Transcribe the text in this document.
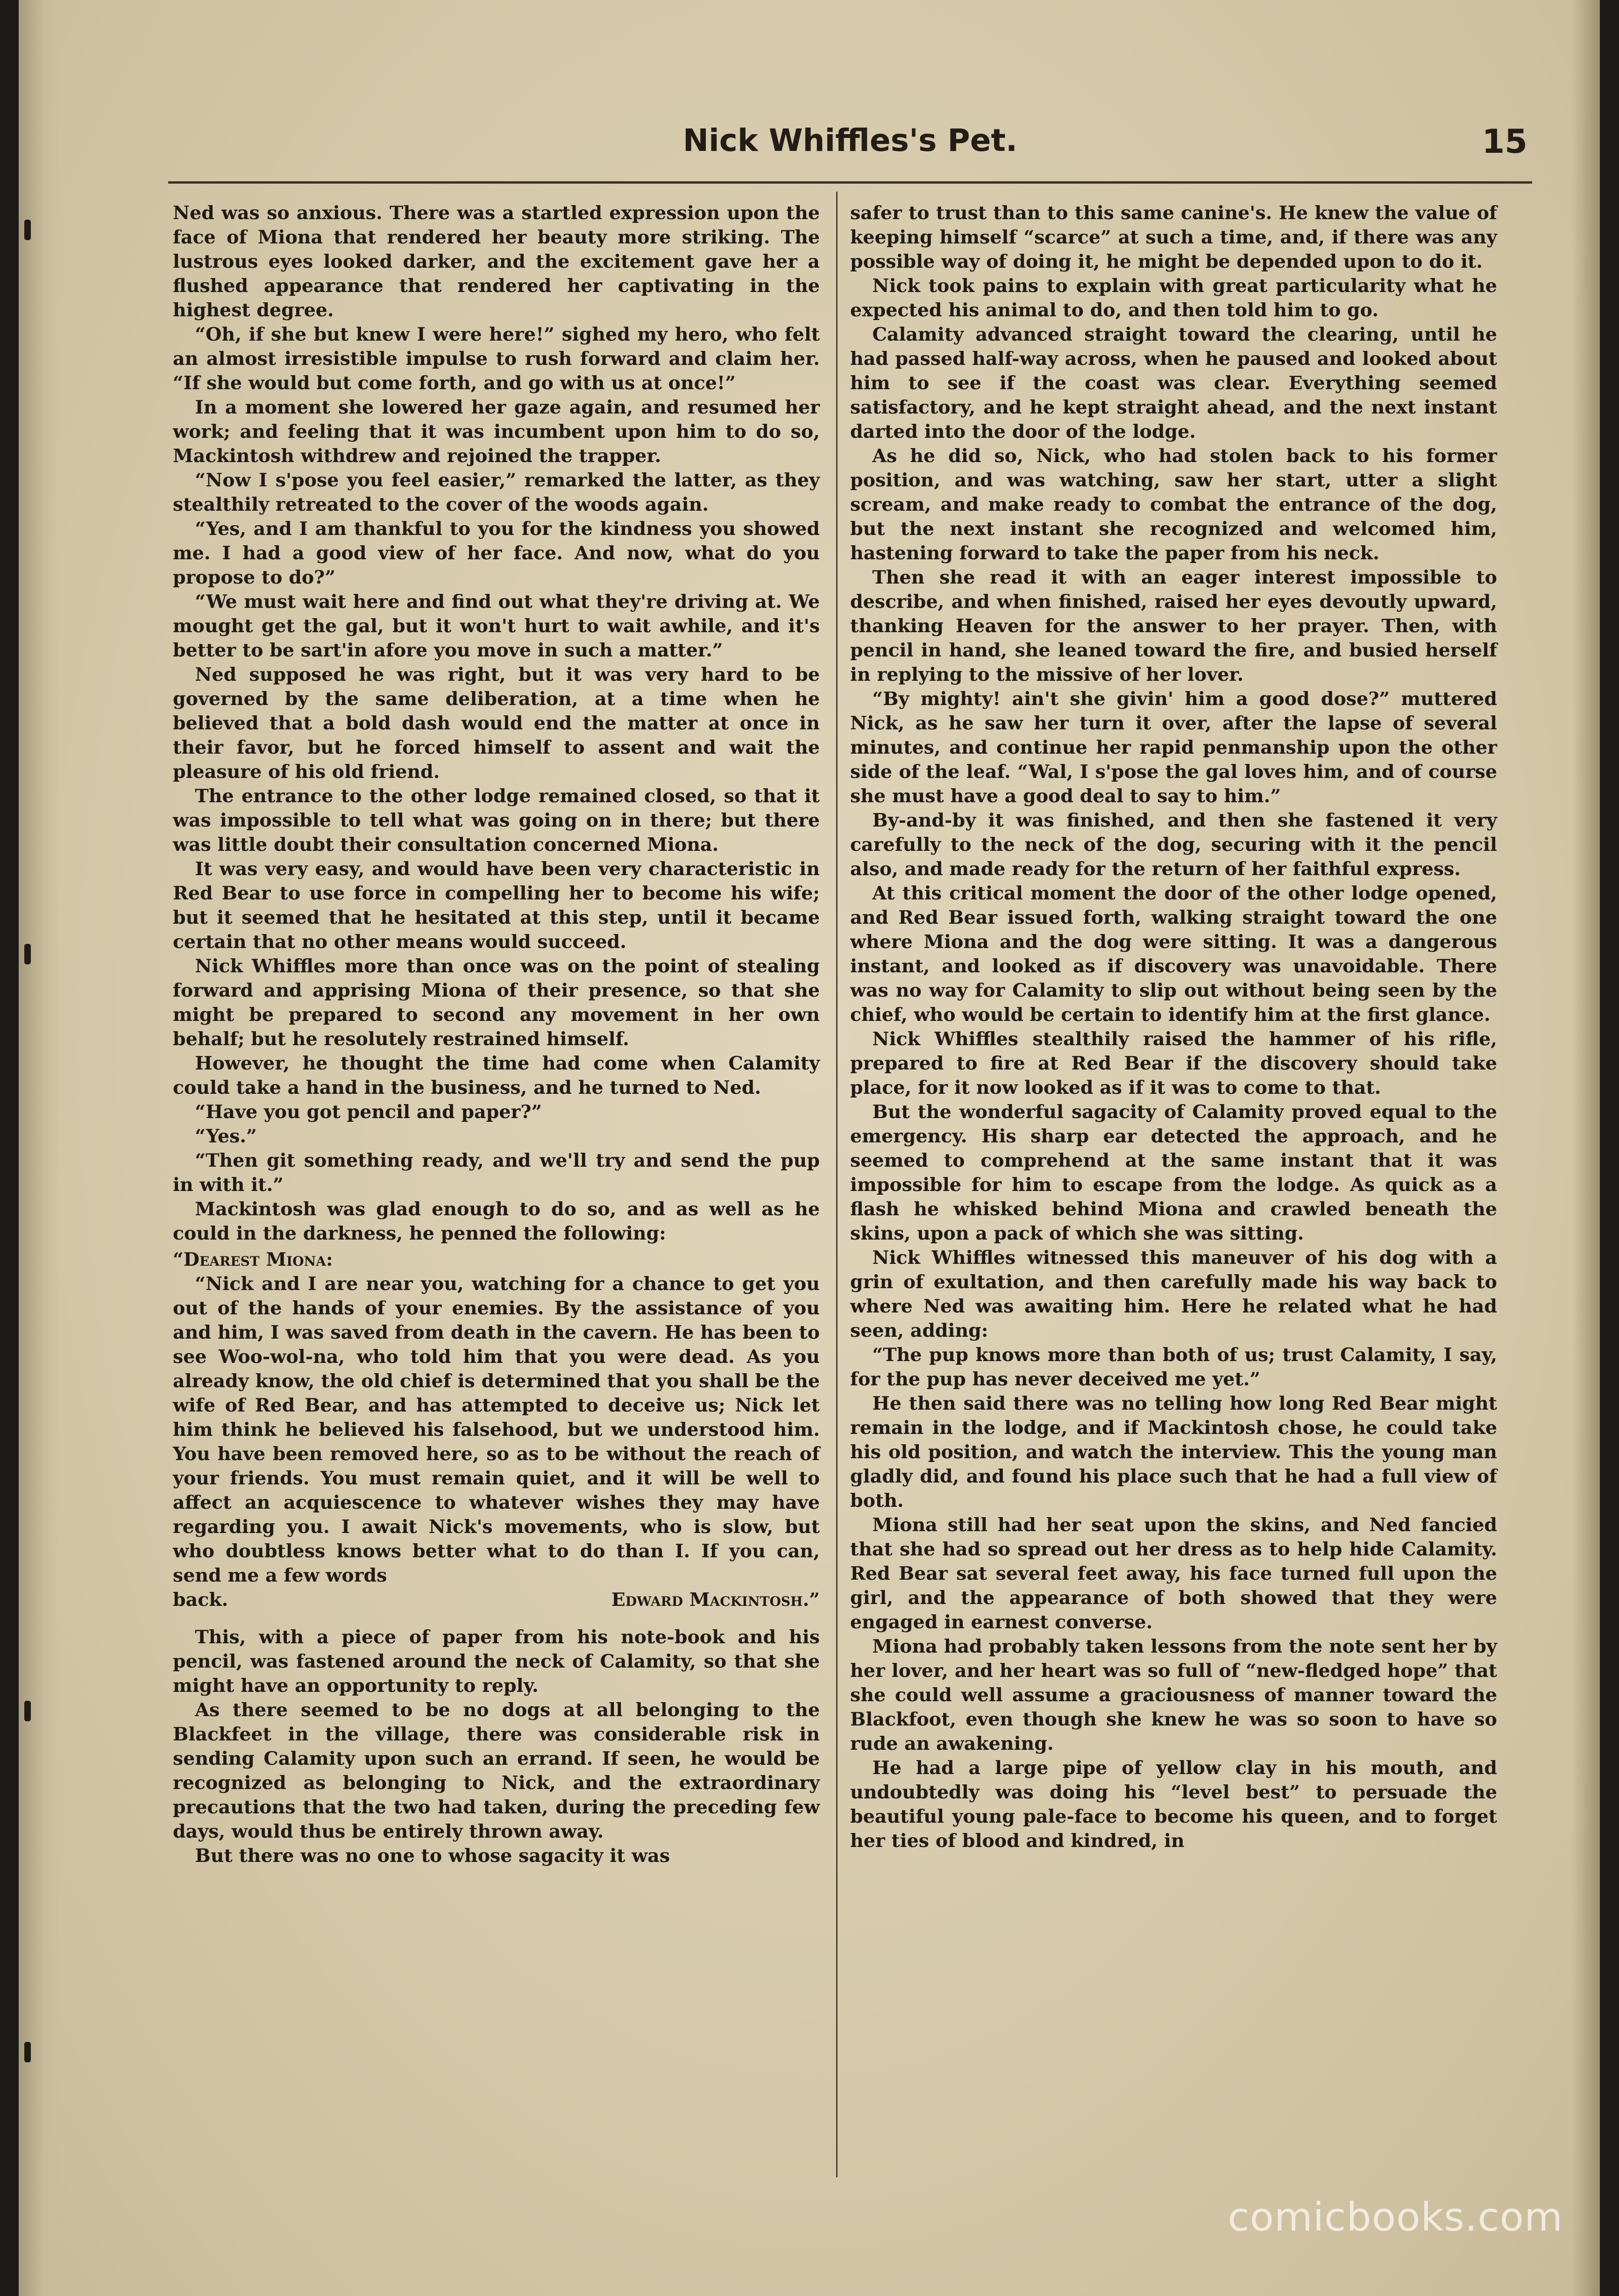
Nick Whiffles's Pet.	15

Ned was so anxious. There was a startled expression upon the face of Miona that rendered her beauty more striking. The lustrous eyes looked darker, and the excitement gave her a flushed appearance that rendered her captivating in the highest degree.

“Oh, if she but knew I were here!” sighed my hero, who felt an almost irresistible impulse to rush forward and claim her. “If she would but come forth, and go with us at once!”

In a moment she lowered her gaze again, and resumed her work; and feeling that it was incumbent upon him to do so, Mackintosh withdrew and rejoined the trapper.

“Now I s'pose you feel easier,” remarked the latter, as they stealthily retreated to the cover of the woods again.

“Yes, and I am thankful to you for the kindness you showed me. I had a good view of her face. And now, what do you propose to do?”

“We must wait here and find out what they're driving at. We mought get the gal, but it won't hurt to wait awhile, and it's better to be sart'in afore you move in such a matter.”

Ned supposed he was right, but it was very hard to be governed by the same deliberation, at a time when he believed that a bold dash would end the matter at once in their favor, but he forced himself to assent and wait the pleasure of his old friend.

The entrance to the other lodge remained closed, so that it was impossible to tell what was going on in there; but there was little doubt their consultation concerned Miona.

It was very easy, and would have been very characteristic in Red Bear to use force in compelling her to become his wife; but it seemed that he hesitated at this step, until it became certain that no other means would succeed.

Nick Whiffles more than once was on the point of stealing forward and apprising Miona of their presence, so that she might be prepared to second any movement in her own behalf; but he resolutely restrained himself.

However, he thought the time had come when Calamity could take a hand in the business, and he turned to Ned.

“Have you got pencil and paper?”

“Yes.”

“Then git something ready, and we'll try and send the pup in with it.”

Mackintosh was glad enough to do so, and as well as he could in the darkness, he penned the following:

“Dearest Miona:

“Nick and I are near you, watching for a chance to get you out of the hands of your enemies. By the assistance of you and him, I was saved from death in the cavern. He has been to see Woo-wol-na, who told him that you were dead. As you already know, the old chief is determined that you shall be the wife of Red Bear, and has attempted to deceive us; Nick let him think he believed his falsehood, but we understood him. You have been removed here, so as to be without the reach of your friends. You must remain quiet, and it will be well to affect an acquiescence to whatever wishes they may have regarding you. I await Nick's movements, who is slow, but who doubtless knows better what to do than I. If you can, send me a few words

back.	Edward Mackintosh.”

This, with a piece of paper from his note-book and his pencil, was fastened around the neck of Calamity, so that she might have an opportunity to reply.

As there seemed to be no dogs at all belonging to the Blackfeet in the village, there was considerable risk in sending Calamity upon such an errand. If seen, he would be recognized as belonging to Nick, and the extraordinary precautions that the two had taken, during the preceding few days, would thus be entirely thrown away.

But there was no one to whose sagacity it was

safer to trust than to this same canine's. He knew the value of keeping himself “scarce” at such a time, and, if there was any possible way of doing it, he might be depended upon to do it.

Nick took pains to explain with great particularity what he expected his animal to do, and then told him to go.

Calamity advanced straight toward the clearing, until he had passed half-way across, when he paused and looked about him to see if the coast was clear. Everything seemed satisfactory, and he kept straight ahead, and the next instant darted into the door of the lodge.

As he did so, Nick, who had stolen back to his former position, and was watching, saw her start, utter a slight scream, and make ready to combat the entrance of the dog, but the next instant she recognized and welcomed him, hastening forward to take the paper from his neck.

Then she read it with an eager interest impossible to describe, and when finished, raised her eyes devoutly upward, thanking Heaven for the answer to her prayer. Then, with pencil in hand, she leaned toward the fire, and busied herself in replying to the missive of her lover.

“By mighty! ain't she givin' him a good dose?” muttered Nick, as he saw her turn it over, after the lapse of several minutes, and continue her rapid penmanship upon the other side of the leaf. “Wal, I s'pose the gal loves him, and of course she must have a good deal to say to him.”

By-and-by it was finished, and then she fastened it very carefully to the neck of the dog, securing with it the pencil also, and made ready for the return of her faithful express.

At this critical moment the door of the other lodge opened, and Red Bear issued forth, walking straight toward the one where Miona and the dog were sitting. It was a dangerous instant, and looked as if discovery was unavoidable. There was no way for Calamity to slip out without being seen by the chief, who would be certain to identify him at the first glance.

Nick Whiffles stealthily raised the hammer of his rifle, prepared to fire at Red Bear if the discovery should take place, for it now looked as if it was to come to that.

But the wonderful sagacity of Calamity proved equal to the emergency. His sharp ear detected the approach, and he seemed to comprehend at the same instant that it was impossible for him to escape from the lodge. As quick as a flash he whisked behind Miona and crawled beneath the skins, upon a pack of which she was sitting.

Nick Whiffles witnessed this maneuver of his dog with a grin of exultation, and then carefully made his way back to where Ned was awaiting him. Here he related what he had seen, adding:

“The pup knows more than both of us; trust Calamity, I say, for the pup has never deceived me yet.”

He then said there was no telling how long Red Bear might remain in the lodge, and if Mackintosh chose, he could take his old position, and watch the interview. This the young man gladly did, and found his place such that he had a full view of both.

Miona still had her seat upon the skins, and Ned fancied that she had so spread out her dress as to help hide Calamity. Red Bear sat several feet away, his face turned full upon the girl, and the appearance of both showed that they were engaged in earnest converse.

Miona had probably taken lessons from the note sent her by her lover, and her heart was so full of “new-fledged hope” that she could well assume a graciousness of manner toward the Blackfoot, even though she knew he was so soon to have so rude an awakening.

He had a large pipe of yellow clay in his mouth, and undoubtedly was doing his “level best” to persuade the beautiful young pale-face to become his queen, and to forget her ties of blood and kindred, in

comicbooks.com
